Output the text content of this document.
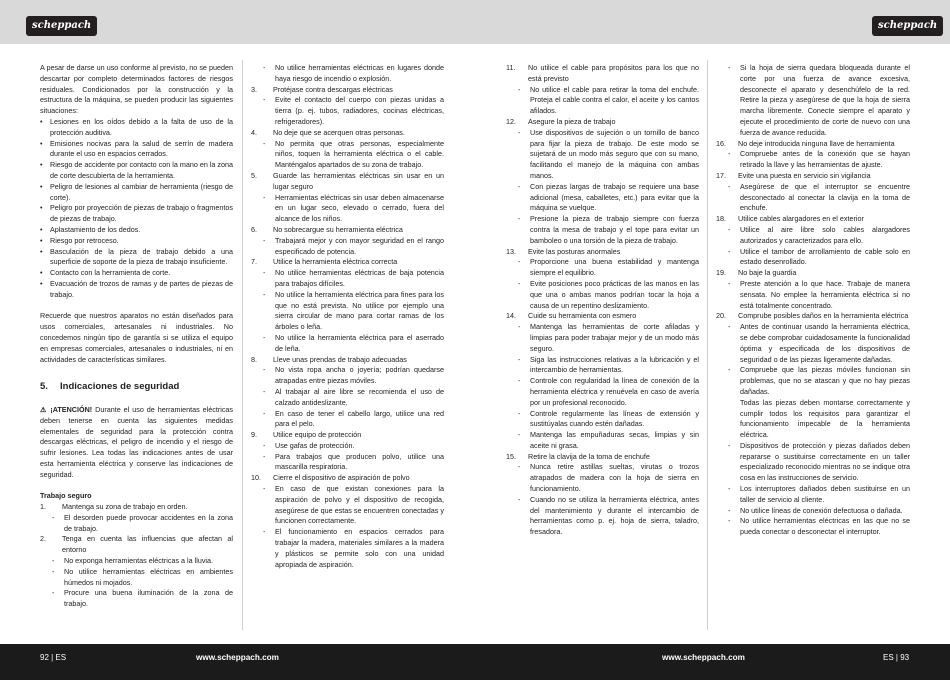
scheppach	scheppach

A pesar de darse un uso conforme al previsto, no se pueden descartar por completo determinados factores de riesgos residuales. Condicionados por la construcción y la estructura de la máquina, se pueden producir las siguientes situaciones:

•	Lesiones en los oídos debido a la falta de uso de la protección auditiva.
•	Emisiones nocivas para la salud de serrín de madera durante el uso en espacios cerrados.
•	Riesgo de accidente por contacto con la mano en la zona de corte descubierta de la herramienta.
•	Peligro de lesiones al cambiar de herramienta (riesgo de corte).
•	Peligro por proyección de piezas de trabajo o fragmentos de piezas de trabajo.
•	Aplastamiento de los dedos.
•	Riesgo por retroceso.
•	Basculación de la pieza de trabajo debido a una superficie de soporte de la pieza de trabajo insuficiente.
•	Contacto con la herramienta de corte.
•	Evacuación de trozos de ramas y de partes de piezas de trabajo.

Recuerde que nuestros aparatos no están diseñados para usos comerciales, artesanales ni industriales. No concedemos ningún tipo de garantía si se utiliza el equipo en empresas comerciales, artesanales o industriales, ni en actividades de características similares.

5. Indicaciones de seguridad

⚠ ¡ATENCIÓN! Durante el uso de herramientas eléctricas deben tenerse en cuenta las siguientes medidas elementales de seguridad para la protección contra descargas eléctricas, el peligro de incendio y el riesgo de sufrir lesiones. Lea todas las indicaciones antes de usar esta herramienta eléctrica y conserve las indicaciones de seguridad.

Trabajo seguro
1.	Mantenga su zona de trabajo en orden.
-	El desorden puede provocar accidentes en la zona de trabajo.
2.	Tenga en cuenta las influencias que afectan al entorno
-	No exponga herramientas eléctricas a la lluvia.
-	No utilice herramientas eléctricas en ambientes húmedos ni mojados.
-	Procure una buena iluminación de la zona de trabajo.
-	No utilice herramientas eléctricas en lugares donde haya riesgo de incendio o explosión.
3.	Protéjase contra descargas eléctricas
-	Evite el contacto del cuerpo con piezas unidas a tierra (p. ej. tubos, radiadores, cocinas eléctricas, refrigeradores).
4.	No deje que se acerquen otras personas.
-	No permita que otras personas, especialmente niños, toquen la herramienta eléctrica o el cable. Manténgalos apartados de su zona de trabajo.
5.	Guarde las herramientas eléctricas sin usar en un lugar seguro
-	Herramientas eléctricas sin usar deben almacenarse en un lugar seco, elevado o cerrado, fuera del alcance de los niños.
6.	No sobrecargue su herramienta eléctrica
-	Trabajará mejor y con mayor seguridad en el rango especificado de potencia.
7.	Utilice la herramienta eléctrica correcta
-	No utilice herramientas eléctricas de baja potencia para trabajos difíciles.
-	No utilice la herramienta eléctrica para fines para los que no está prevista. No utilice por ejemplo una sierra circular de mano para cortar ramas de los árboles o leña.
-	No utilice la herramienta eléctrica para el aserrado de leña.
8.	Lleve unas prendas de trabajo adecuadas
-	No vista ropa ancha o joyería; podrían quedarse atrapadas entre piezas móviles.
-	Al trabajar al aire libre se recomienda el uso de calzado antideslizante.
-	En caso de tener el cabello largo, utilice una red para el pelo.
9.	Utilice equipo de protección
-	Use gafas de protección.
-	Para trabajos que producen polvo, utilice una mascarilla respiratoria.
10.	Cierre el dispositivo de aspiración de polvo
-	En caso de que existan conexiones para la aspiración de polvo y el dispositivo de recogida, asegúrese de que estas se encuentren conectadas y funcionen correctamente.
-	El funcionamiento en espacios cerrados para trabajar la madera, materiales similares a la madera y plásticos se permite solo con una unidad apropiada de aspiración.
11.	No utilice el cable para propósitos para los que no está previsto
-	No utilice el cable para retirar la toma del enchufe. Proteja el cable contra el calor, el aceite y los cantos afilados.
12.	Asegure la pieza de trabajo
-	Use dispositivos de sujeción o un tornillo de banco para fijar la pieza de trabajo. De este modo se sujetará de un modo más seguro que con su mano, facilitando el manejo de la máquina con ambas manos.
-	Con piezas largas de trabajo se requiere una base adicional (mesa, caballetes, etc.) para evitar que la máquina se vuelque.
-	Presione la pieza de trabajo siempre con fuerza contra la mesa de trabajo y el tope para evitar un bamboleo o una torsión de la pieza de trabajo.
13.	Evite las posturas anormales
-	Proporcione una buena estabilidad y mantenga siempre el equilibrio.
-	Evite posiciones poco prácticas de las manos en las que una o ambas manos podrían tocar la hoja a causa de un repentino deslizamiento.
14.	Cuide su herramienta con esmero
-	Mantenga las herramientas de corte afiladas y limpias para poder trabajar mejor y de un modo más seguro.
-	Siga las instrucciones relativas a la lubricación y el intercambio de herramientas.
-	Controle con regularidad la línea de conexión de la herramienta eléctrica y renuévela en caso de avería por un profesional reconocido.
-	Controle regularmente las líneas de extensión y sustitúyalas cuando estén dañadas.
-	Mantenga las empuñaduras secas, limpias y sin aceite ni grasa.
15.	Retire la clavija de la toma de enchufe
-	Nunca retire astillas sueltas, virutas o trozos atrapados de madera con la hoja de sierra en funcionamiento.
-	Cuando no se utiliza la herramienta eléctrica, antes del mantenimiento y durante el intercambio de herramientas como p. ej. hoja de sierra, taladro, fresadora.
-	Si la hoja de sierra quedara bloqueada durante el corte por una fuerza de avance excesiva, desconecte el aparato y desenchúfelo de la red. Retire la pieza y asegúrese de que la hoja de sierra marcha libremente. Conecte siempre el aparato y ejecute el procedimiento de corte de nuevo con una fuerza de avance reducida.
16.	No deje introducida ninguna llave de herramienta
-	Compruebe antes de la conexión que se hayan retirado la llave y las herramientas de ajuste.
17.	Evite una puesta en servicio sin vigilancia
-	Asegúrese de que el interruptor se encuentre desconectado al conectar la clavija en la toma de enchufe.
18.	Utilice cables alargadores en el exterior
-	Utilice al aire libre solo cables alargadores autorizados y caracterizados para ello.
-	Utilice el tambor de arrollamiento de cable solo en estado desenrollado.
19.	No baje la guardia
-	Preste atención a lo que hace. Trabaje de manera sensata. No emplee la herramienta eléctrica si no está totalmente concentrado.
20.	Comprube posibles daños en la herramienta eléctrica
-	Antes de continuar usando la herramienta eléctrica, se debe comprobar cuidadosamente la funcionalidad óptima y especificada de los dispositivos de seguridad o de las piezas ligeramente dañadas.
-	Compruebe que las piezas móviles funcionan sin problemas, que no se atascan y que no hay piezas dañadas.
Todas las piezas deben montarse correctamente y cumplir todos los requisitos para garantizar el funcionamiento impecable de la herramienta eléctrica.
-	Dispositivos de protección y piezas dañados deben repararse o sustituirse correctamente en un taller especializado reconocido mientras no se indique otra cosa en las instrucciones de servicio.
-	Los interruptores dañados deben sustituirse en un taller de servicio al cliente.
-	No utilice líneas de conexión defectuosa o dañada.
-	No utilice herramientas eléctricas en las que no se pueda conectar o desconectar el interruptor.
92 | ES	www.scheppach.com	www.scheppach.com	ES | 93
